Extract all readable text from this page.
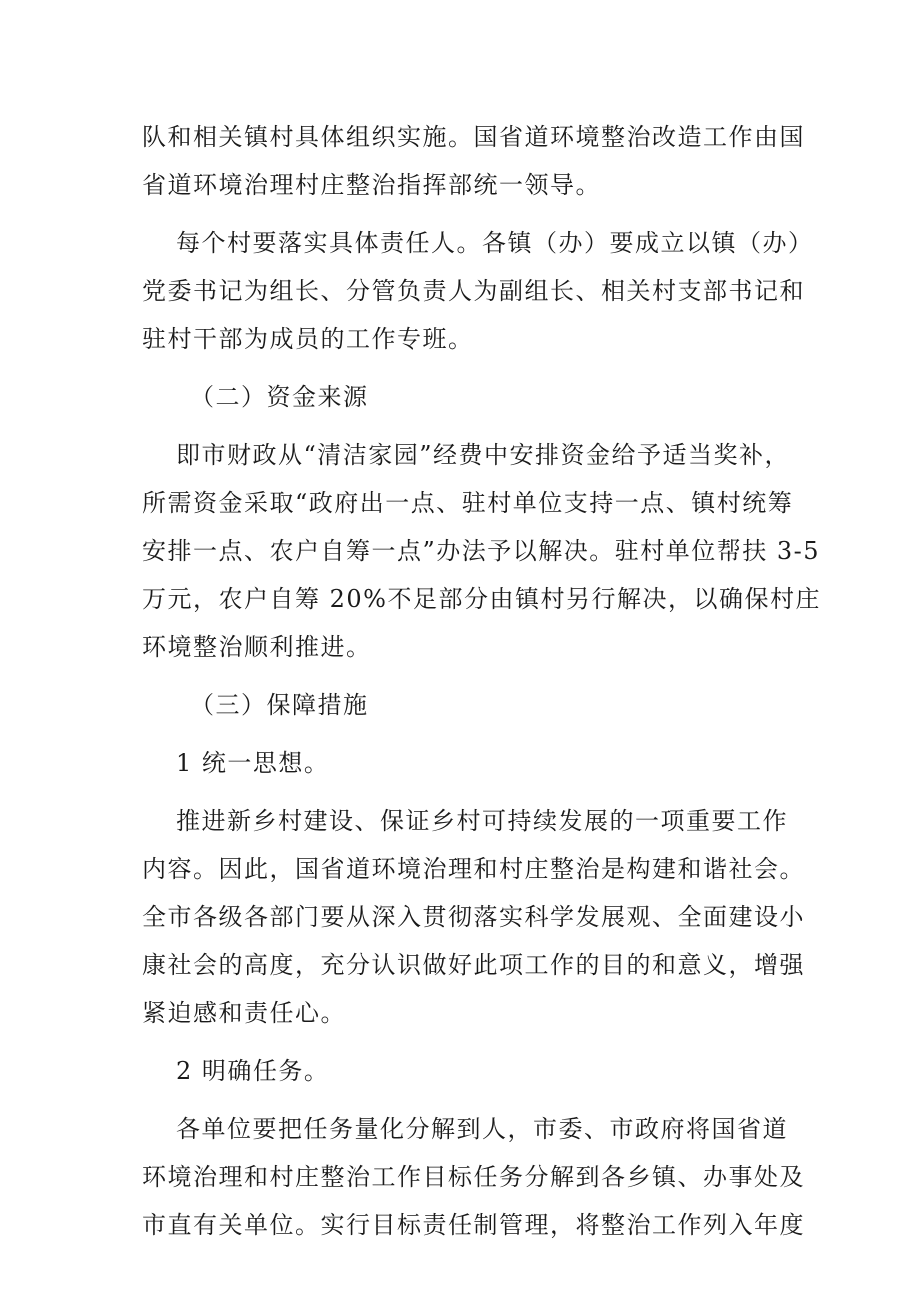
队和相关镇村具体组织实施。国省道环境整治改造工作由国

省道环境治理村庄整治指挥部统一领导。

每个村要落实具体责任人。各镇（办）要成立以镇（办）

党委书记为组长、分管负责人为副组长、相关村支部书记和

驻村干部为成员的工作专班。

（二）资金来源

即市财政从“清洁家园”经费中安排资金给予适当奖补，

所需资金采取“政府出一点、驻村单位支持一点、镇村统筹

安排一点、农户自筹一点”办法予以解决。驻村单位帮扶 3-5

万元，农户自筹 20%不足部分由镇村另行解决，以确保村庄

环境整治顺利推进。

（三）保障措施

1 统一思想。

推进新乡村建设、保证乡村可持续发展的一项重要工作

内容。因此，国省道环境治理和村庄整治是构建和谐社会。

全市各级各部门要从深入贯彻落实科学发展观、全面建设小

康社会的高度，充分认识做好此项工作的目的和意义，增强

紧迫感和责任心。

2 明确任务。

各单位要把任务量化分解到人，市委、市政府将国省道

环境治理和村庄整治工作目标任务分解到各乡镇、办事处及

市直有关单位。实行目标责任制管理，将整治工作列入年度
